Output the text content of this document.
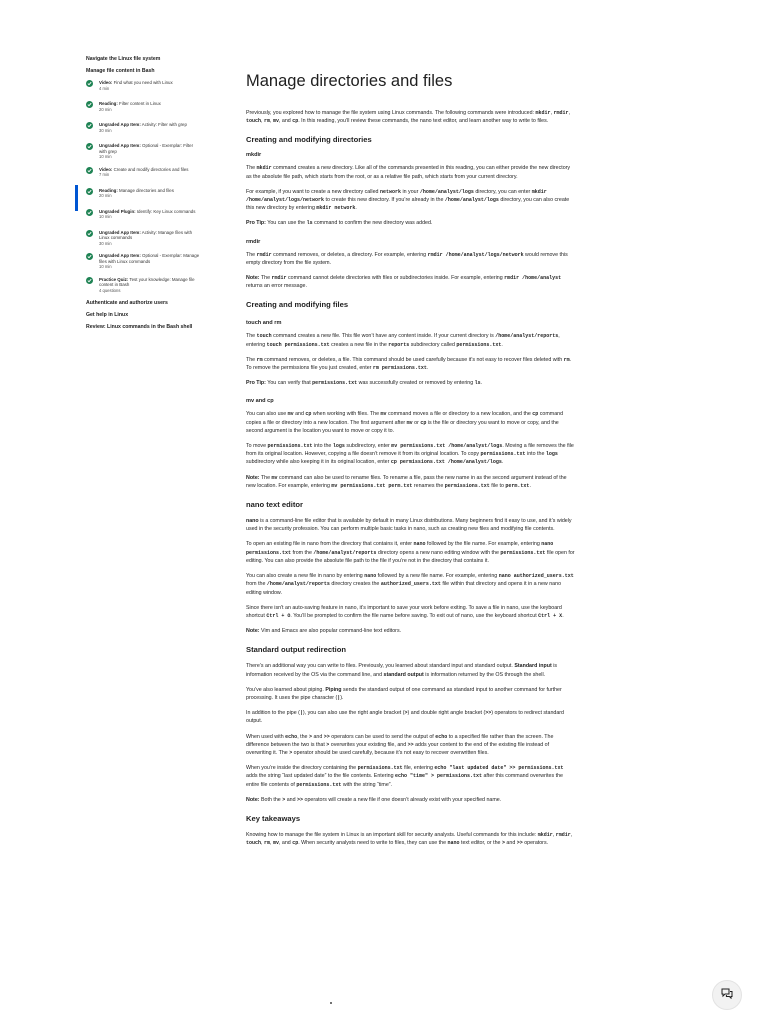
Navigate the Linux file system
Manage file content in Bash
Video: Find what you need with Linux
4 min
Reading: Filter content in Linux
20 min
Ungraded App Item: Activity: Filter with grep
30 min
Ungraded App Item: Optional - Exemplar: Filter with grep
10 min
Video: Create and modify directories and files
7 min
Reading: Manage directories and files
20 min
Ungraded Plugin: Identify: Key Linux commands
10 min
Ungraded App Item: Activity: Manage files with Linux commands
30 min
Ungraded App Item: Optional - Exemplar: Manage files with Linux commands
10 min
Practice Quiz: Test your knowledge: Manage file content in Bash
4 questions
Authenticate and authorize users
Get help in Linux
Review: Linux commands in the Bash shell
Manage directories and files

Previously, you explored how to manage the file system using Linux commands. The following commands were introduced: mkdir, rmdir, touch, rm, mv, and cp. In this reading, you’ll review these commands, the nano text editor, and learn another way to write to files.

Creating and modifying directories
mkdir

The mkdir command creates a new directory. Like all of the commands presented in this reading, you can either provide the new directory as the absolute file path, which starts from the root, or as a relative file path, which starts from your current directory.

For example, if you want to create a new directory called network in your /home/analyst/logs directory, you can enter mkdir /home/analyst/logs/network to create this new directory. If you’re already in the /home/analyst/logs directory, you can also create this new directory by entering mkdir network.

Pro Tip: You can use the ls command to confirm the new directory was added.

rmdir

The rmdir command removes, or deletes, a directory. For example, entering rmdir /home/analyst/logs/network would remove this empty directory from the file system.

Note: The rmdir command cannot delete directories with files or subdirectories inside. For example, entering rmdir /home/analyst returns an error message.

Creating and modifying files
touch and rm

The touch command creates a new file. This file won’t have any content inside. If your current directory is /home/analyst/reports, entering touch permissions.txt creates a new file in the reports subdirectory called permissions.txt.

The rm command removes, or deletes, a file. This command should be used carefully because it’s not easy to recover files deleted with rm. To remove the permissions file you just created, enter rm permissions.txt.

Pro Tip: You can verify that permissions.txt was successfully created or removed by entering ls.

mv and cp

You can also use mv and cp when working with files. The mv command moves a file or directory to a new location, and the cp command copies a file or directory into a new location. The first argument after mv or cp is the file or directory you want to move or copy, and the second argument is the location you want to move or copy it to.

To move permissions.txt into the logs subdirectory, enter mv permissions.txt /home/analyst/logs. Moving a file removes the file from its original location. However, copying a file doesn’t remove it from its original location. To copy permissions.txt into the logs subdirectory while also keeping it in its original location, enter cp permissions.txt /home/analyst/logs.

Note: The mv command can also be used to rename files. To rename a file, pass the new name in as the second argument instead of the new location. For example, entering mv permissions.txt perm.txt renames the permissions.txt file to perm.txt.

nano text editor

nano is a command-line file editor that is available by default in many Linux distributions. Many beginners find it easy to use, and it’s widely used in the security profession. You can perform multiple basic tasks in nano, such as creating new files and modifying file contents.

To open an existing file in nano from the directory that contains it, enter nano followed by the file name. For example, entering nano permissions.txt from the /home/analyst/reports directory opens a new nano editing window with the permissions.txt file open for editing. You can also provide the absolute file path to the file if you’re not in the directory that contains it.

You can also create a new file in nano by entering nano followed by a new file name. For example, entering nano authorized_users.txt from the /home/analyst/reports directory creates the authorized_users.txt file within that directory and opens it in a new nano editing window.

Since there isn't an auto-saving feature in nano, it’s important to save your work before exiting. To save a file in nano, use the keyboard shortcut Ctrl + O. You’ll be prompted to confirm the file name before saving. To exit out of nano, use the keyboard shortcut Ctrl + X.

Note: Vim and Emacs are also popular command-line text editors.

Standard output redirection

There’s an additional way you can write to files. Previously, you learned about standard input and standard output. Standard input is information received by the OS via the command line, and standard output is information returned by the OS through the shell.

You’ve also learned about piping. Piping sends the standard output of one command as standard input to another command for further processing. It uses the pipe character (|).

In addition to the pipe (|), you can also use the right angle bracket (>) and double right angle bracket (>>) operators to redirect standard output.

When used with echo, the > and >> operators can be used to send the output of echo to a specified file rather than the screen. The difference between the two is that > overwrites your existing file, and >> adds your content to the end of the existing file instead of overwriting it. The > operator should be used carefully, because it’s not easy to recover overwritten files.

When you’re inside the directory containing the permissions.txt file, entering echo "last updated date" >> permissions.txt adds the string “last updated date” to the file contents. Entering echo "time" > permissions.txt after this command overwrites the entire file contents of permissions.txt with the string “time”.

Note: Both the > and >> operators will create a new file if one doesn’t already exist with your specified name.

Key takeaways

Knowing how to manage the file system in Linux is an important skill for security analysts. Useful commands for this include: mkdir, rmdir, touch, rm, mv, and cp. When security analysts need to write to files, they can use the nano text editor, or the > and >> operators.
